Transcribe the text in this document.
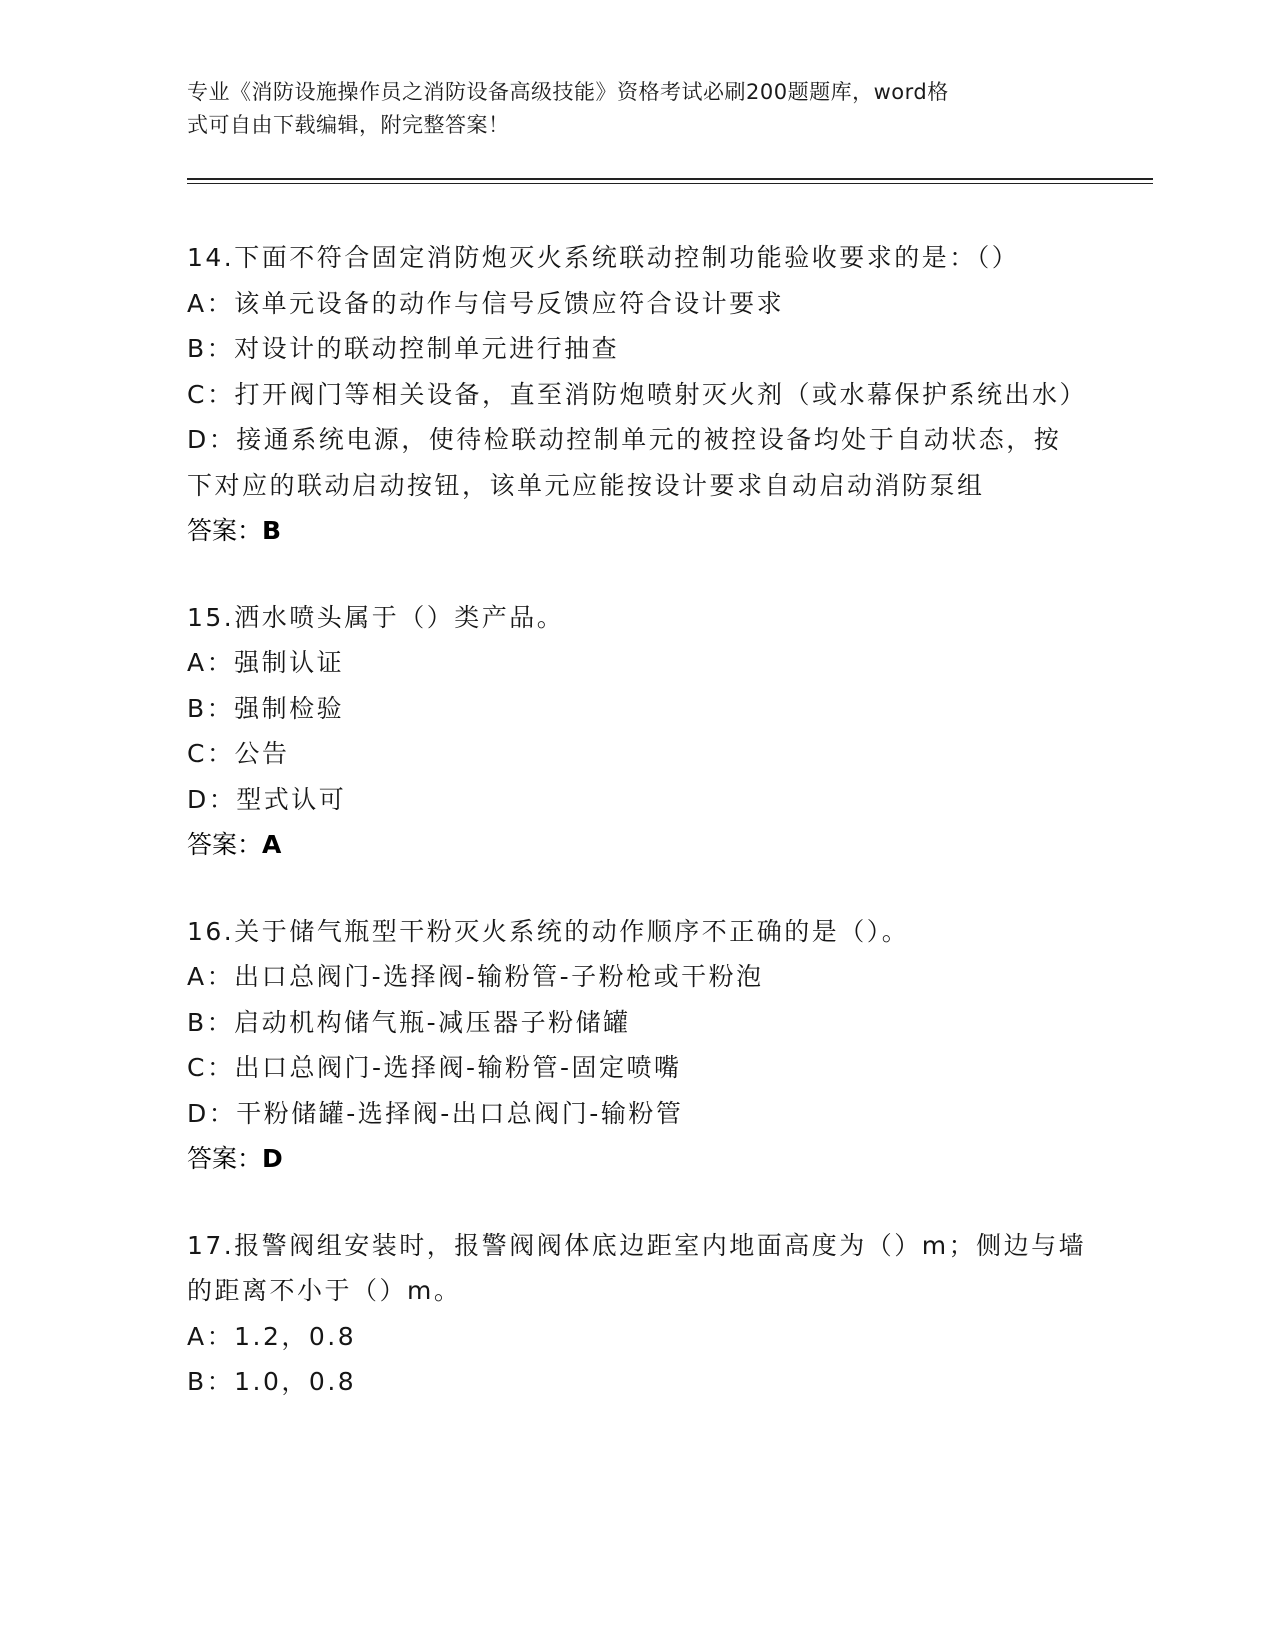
专业《消防设施操作员之消防设备高级技能》资格考试必刷200题题库，word格
式可自由下载编辑，附完整答案！
14.下面不符合固定消防炮灭火系统联动控制功能验收要求的是：（）
A：该单元设备的动作与信号反馈应符合设计要求
B：对设计的联动控制单元进行抽查
C：打开阀门等相关设备，直至消防炮喷射灭火剂（或水幕保护系统出水）
D：接通系统电源，使待检联动控制单元的被控设备均处于自动状态，按下对应的联动启动按钮，该单元应能按设计要求自动启动消防泵组
答案：B
15.洒水喷头属于（）类产品。
A：强制认证
B：强制检验
C：公告
D：型式认可
答案：A
16.关于储气瓶型干粉灭火系统的动作顺序不正确的是（）。
A：出口总阀门-选择阀-输粉管-子粉枪或干粉泡
B：启动机构储气瓶-减压器子粉储罐
C：出口总阀门-选择阀-输粉管-固定喷嘴
D：干粉储罐-选择阀-出口总阀门-输粉管
答案：D
17.报警阀组安装时，报警阀阀体底边距室内地面高度为（）m；侧边与墙的距离不小于（）m。
A：1.2，0.8
B：1.0，0.8
